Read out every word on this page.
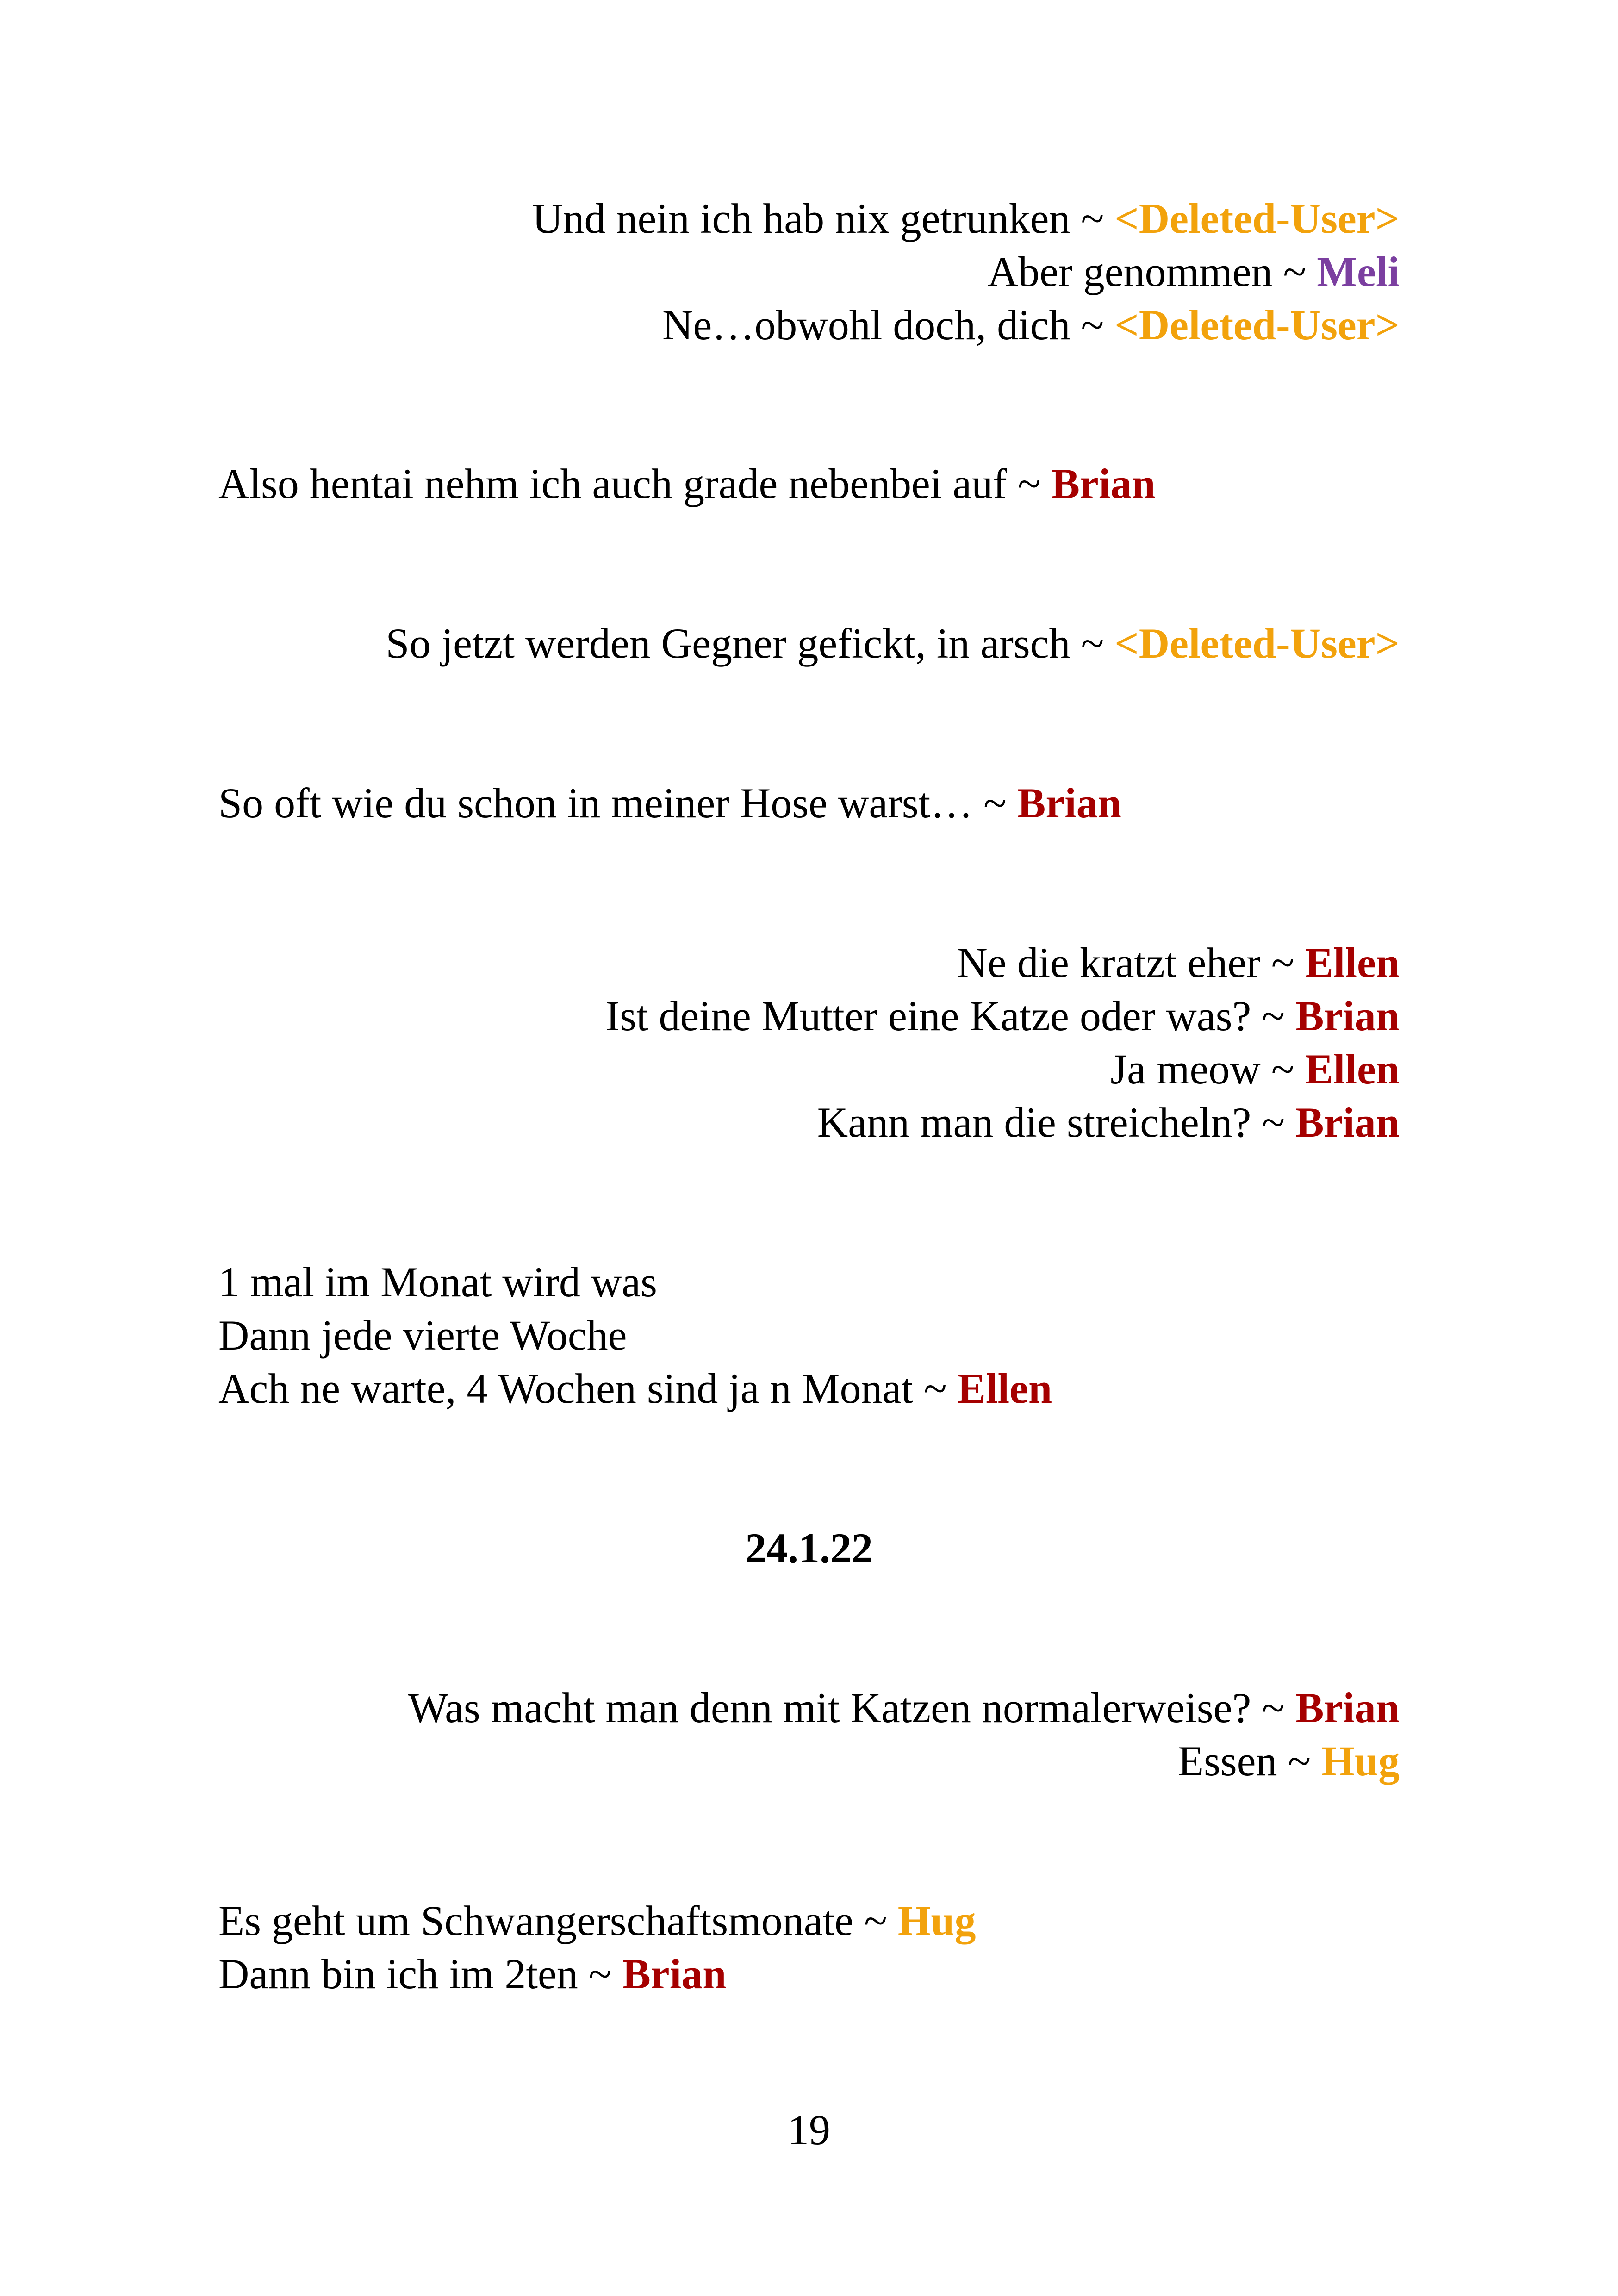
Und nein ich hab nix getrunken ~ <Deleted-User>
Aber genommen ~ Meli
Ne…obwohl doch, dich ~ <Deleted-User>
Also hentai nehm ich auch grade nebenbei auf ~ Brian
So jetzt werden Gegner gefickt, in arsch ~ <Deleted-User>
So oft wie du schon in meiner Hose warst… ~ Brian
Ne die kratzt eher ~ Ellen
Ist deine Mutter eine Katze oder was? ~ Brian
Ja meow ~ Ellen
Kann man die streicheln? ~ Brian
1 mal im Monat wird was
Dann jede vierte Woche
Ach ne warte, 4 Wochen sind ja n Monat ~ Ellen
24.1.22
Was macht man denn mit Katzen normalerweise? ~ Brian
Essen ~ Hug
Es geht um Schwangerschaftsmonate ~ Hug
Dann bin ich im 2ten ~ Brian
19
